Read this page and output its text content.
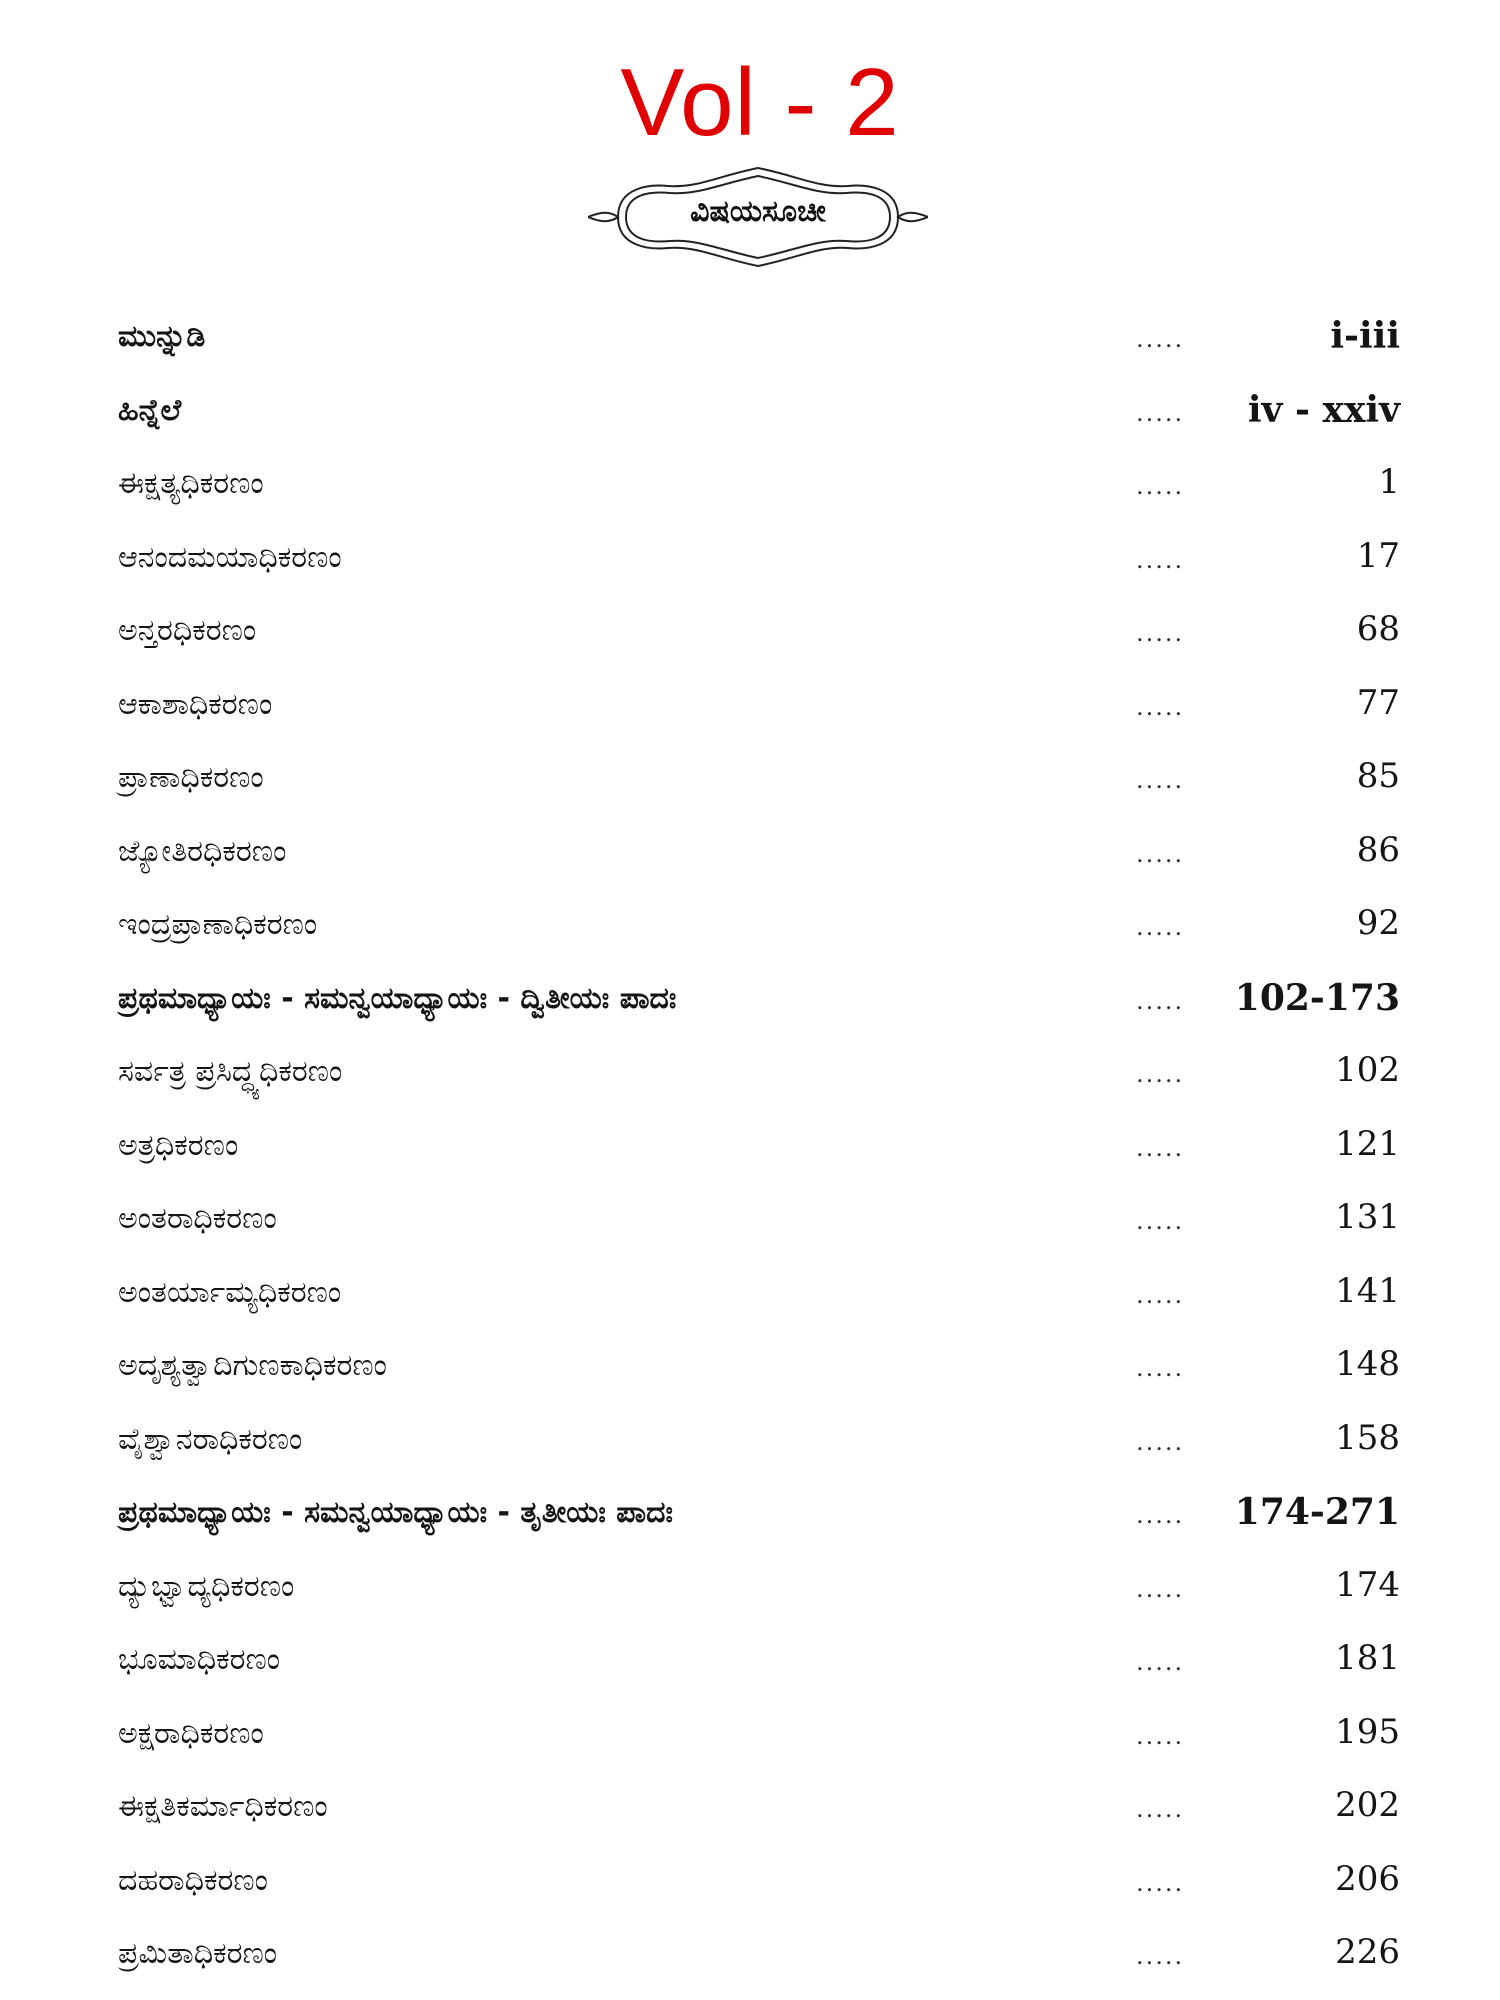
Vol - 2
ವಿಷಯಸೂಚೀ
ಮುನ್ನುಡಿ	.....	i-iii
ಹಿನ್ನೆಲೆ	..... iv - xxiv
ಈಕ್ಷತ್ಯಧಿಕರಣಂ	.....	1
ಆನಂದಮಯಾಧಿಕರಣಂ	.....	17
ಅನ್ತರಧಿಕರಣಂ	.....	68
ಆಕಾಶಾಧಿಕರಣಂ	.....	77
ಪ್ರಾಣಾಧಿಕರಣಂ	.....	85
ಜ್ಯೋತಿರಧಿಕರಣಂ	.....	86
ಇಂದ್ರಪ್ರಾಣಾಧಿಕರಣಂ	.....	92
ಪ್ರಥಮಾಧ್ಯಾಯಃ - ಸಮನ್ವಯಾಧ್ಯಾಯಃ - ದ್ವಿತೀಯಃ ಪಾದಃ	..... 102-173
ಸರ್ವತ್ರ ಪ್ರಸಿದ್ಧ್ಯಧಿಕರಣಂ	.....	102
ಅತ್ರಧಿಕರಣಂ	.....	121
ಅಂತರಾಧಿಕರಣಂ	.....	131
ಅಂತರ್ಯಾಮ್ಯಧಿಕರಣಂ	.....	141
ಅದೃಶ್ಯತ್ವಾದಿಗುಣಕಾಧಿಕರಣಂ	.....	148
ವೈಶ್ವಾನರಾಧಿಕರಣಂ	.....	158
ಪ್ರಥಮಾಧ್ಯಾಯಃ - ಸಮನ್ವಯಾಧ್ಯಾಯಃ - ತೃತೀಯಃ ಪಾದಃ	..... 174-271
ದ್ಯುಭ್ವಾದ್ಯಧಿಕರಣಂ	.....	174
ಭೂಮಾಧಿಕರಣಂ	.....	181
ಅಕ್ಷರಾಧಿಕರಣಂ	.....	195
ಈಕ್ಷತಿಕರ್ಮಾಧಿಕರಣಂ	.....	202
ದಹರಾಧಿಕರಣಂ	.....	206
ಪ್ರಮಿತಾಧಿಕರಣಂ	.....	226
